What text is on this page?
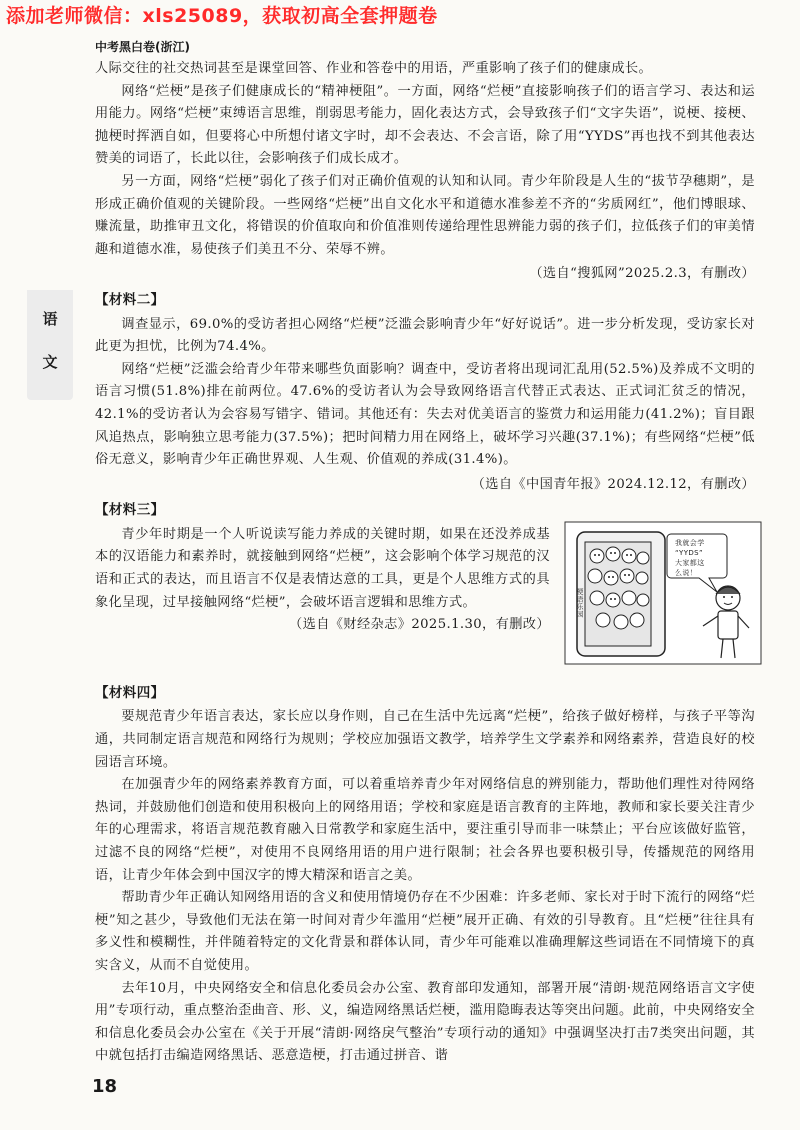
添加老师微信：xls25089，获取初高全套押题卷
中考黑白卷(浙江)
语
文

人际交往的社交热词甚至是课堂回答、作业和答卷中的用语，严重影响了孩子们的健康成长。

网络“烂梗”是孩子们健康成长的“精神梗阻”。一方面，网络“烂梗”直接影响孩子们的语言学习、表达和运用能力。网络“烂梗”束缚语言思维，削弱思考能力，固化表达方式，会导致孩子们“文字失语”，说梗、接梗、抛梗时挥洒自如，但要将心中所想付诸文字时，却不会表达、不会言语，除了用“YYDS”再也找不到其他表达赞美的词语了，长此以往，会影响孩子们成长成才。

另一方面，网络“烂梗”弱化了孩子们对正确价值观的认知和认同。青少年阶段是人生的“拔节孕穗期”，是形成正确价值观的关键阶段。一些网络“烂梗”出自文化水平和道德水准参差不齐的“劣质网红”，他们博眼球、赚流量，助推审丑文化，将错误的价值取向和价值准则传递给理性思辨能力弱的孩子们，拉低孩子们的审美情趣和道德水准，易使孩子们美丑不分、荣辱不辨。

（选自“搜狐网”2025.2.3，有删改）
【材料二】

调查显示，69.0%的受访者担心网络“烂梗”泛滥会影响青少年“好好说话”。进一步分析发现，受访家长对此更为担忧，比例为74.4%。

网络“烂梗”泛滥会给青少年带来哪些负面影响？调查中，受访者将出现词汇乱用(52.5%)及养成不文明的语言习惯(51.8%)排在前两位。47.6%的受访者认为会导致网络语言代替正式表达、正式词汇贫乏的情况，42.1%的受访者认为会容易写错字、错词。其他还有：失去对优美语言的鉴赏力和运用能力(41.2%)；盲目跟风追热点，影响独立思考能力(37.5%)；把时间精力用在网络上，破坏学习兴趣(37.1%)；有些网络“烂梗”低俗无意义，影响青少年正确世界观、人生观、价值观的养成(31.4%)。

（选自《中国青年报》2024.12.12，有删改）
【材料三】

青少年时期是一个人听说读写能力养成的关键时期，如果在还没养成基本的汉语能力和素养时，就接触到网络“烂梗”，这会影响个体学习规范的汉语和正式的表达，而且语言不仅是表情达意的工具，更是个人思维方式的具象化呈现，过早接触网络“烂梗”，会破坏语言逻辑和思维方式。
（选自《财经杂志》2025.1.30，有删改）

梗语乐园
我就会学
“YYDS”
大家都这
么说！
【材料四】

要规范青少年语言表达，家长应以身作则，自己在生活中先远离“烂梗”，给孩子做好榜样，与孩子平等沟通，共同制定语言规范和网络行为规则；学校应加强语文教学，培养学生文学素养和网络素养，营造良好的校园语言环境。

在加强青少年的网络素养教育方面，可以着重培养青少年对网络信息的辨别能力，帮助他们理性对待网络热词，并鼓励他们创造和使用积极向上的网络用语；学校和家庭是语言教育的主阵地，教师和家长要关注青少年的心理需求，将语言规范教育融入日常教学和家庭生活中，要注重引导而非一味禁止；平台应该做好监管，过滤不良的网络“烂梗”，对使用不良网络用语的用户进行限制；社会各界也要积极引导，传播规范的网络用语，让青少年体会到中国汉字的博大精深和语言之美。

帮助青少年正确认知网络用语的含义和使用情境仍存在不少困难：许多老师、家长对于时下流行的网络“烂梗”知之甚少，导致他们无法在第一时间对青少年滥用“烂梗”展开正确、有效的引导教育。且“烂梗”往往具有多义性和模糊性，并伴随着特定的文化背景和群体认同，青少年可能难以准确理解这些词语在不同情境下的真实含义，从而不自觉使用。

去年10月，中央网络安全和信息化委员会办公室、教育部印发通知，部署开展“清朗·规范网络语言文字使用”专项行动，重点整治歪曲音、形、义，编造网络黑话烂梗，滥用隐晦表达等突出问题。此前，中央网络安全和信息化委员会办公室在《关于开展“清朗·网络戾气整治”专项行动的通知》中强调坚决打击7类突出问题，其中就包括打击编造网络黑话、恶意造梗，打击通过拼音、谐

18
